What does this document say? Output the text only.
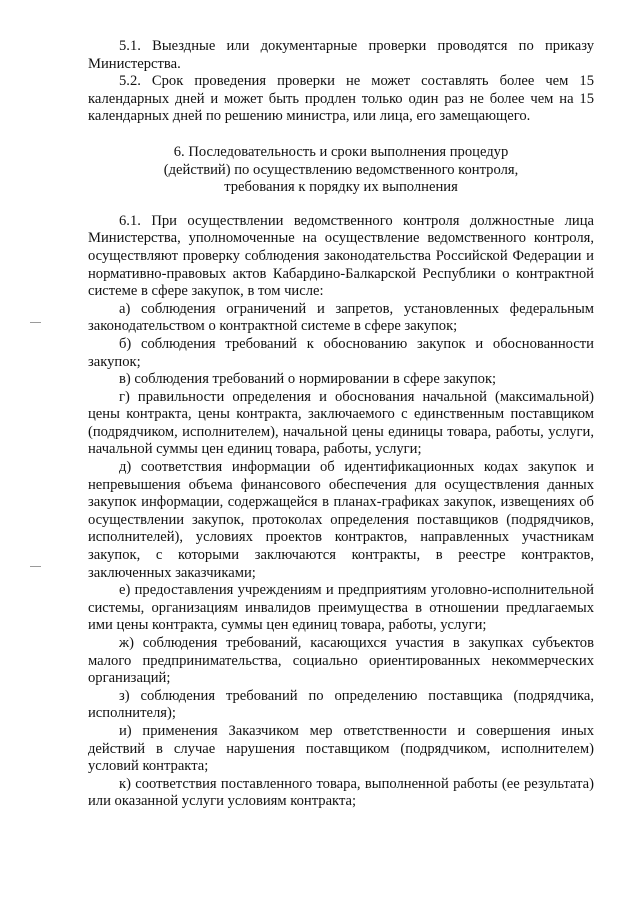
5.1. Выездные или документарные проверки проводятся по приказу Министерства.

5.2. Срок проведения проверки не может составлять более чем 15 календарных дней и может быть продлен только один раз не более чем на 15 календарных дней по решению министра, или лица, его замещающего.

6. Последовательность и сроки выполнения процедур
(действий) по осуществлению ведомственного контроля,
требования к порядку их выполнения

6.1. При осуществлении ведомственного контроля должностные лица Министерства, уполномоченные на осуществление ведомственного контроля, осуществляют проверку соблюдения законодательства Российской Федерации и нормативно-правовых актов Кабардино-Балкарской Республики о контрактной системе в сфере закупок, в том числе:

а) соблюдения ограничений и запретов, установленных федеральным законодательством о контрактной системе в сфере закупок;

б) соблюдения требований к обоснованию закупок и обоснованности закупок;

в) соблюдения требований о нормировании в сфере закупок;

г) правильности определения и обоснования начальной (максимальной) цены контракта, цены контракта, заключаемого с единственным поставщиком (подрядчиком, исполнителем), начальной цены единицы товара, работы, услуги, начальной суммы цен единиц товара, работы, услуги;

д) соответствия информации об идентификационных кодах закупок и непревышения объема финансового обеспечения для осуществления данных закупок информации, содержащейся в планах-графиках закупок, извещениях об осуществлении закупок, протоколах определения поставщиков (подрядчиков, исполнителей), условиях проектов контрактов, направленных участникам закупок, с которыми заключаются контракты, в реестре контрактов, заключенных заказчиками;

е) предоставления учреждениям и предприятиям уголовно-исполнительной системы, организациям инвалидов преимущества в отношении предлагаемых ими цены контракта, суммы цен единиц товара, работы, услуги;

ж) соблюдения требований, касающихся участия в закупках субъектов малого предпринимательства, социально ориентированных некоммерческих организаций;

з) соблюдения требований по определению поставщика (подрядчика, исполнителя);

и) применения Заказчиком мер ответственности и совершения иных действий в случае нарушения поставщиком (подрядчиком, исполнителем) условий контракта;

к) соответствия поставленного товара, выполненной работы (ее результата) или оказанной услуги условиям контракта;
